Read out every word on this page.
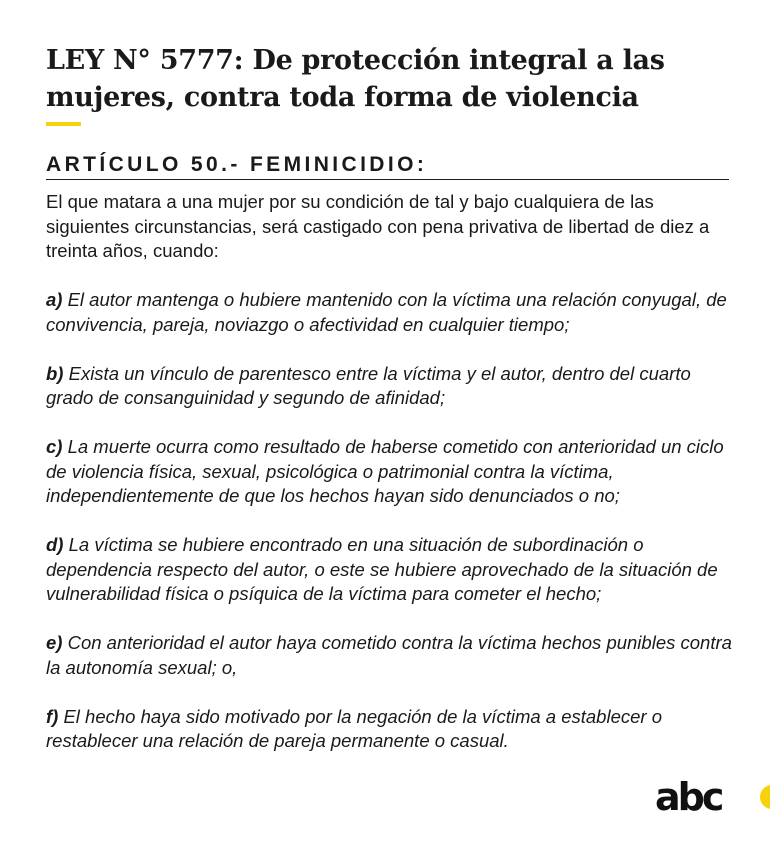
LEY N° 5777: De protección integral a las mujeres, contra toda forma de violencia
ARTÍCULO 50.- FEMINICIDIO:

El que matara a una mujer por su condición de tal y bajo cualquiera de las siguientes circunstancias, será castigado con pena privativa de libertad de diez a treinta años, cuando:

a) El autor mantenga o hubiere mantenido con la víctima una relación conyugal, de convivencia, pareja, noviazgo o afectividad en cualquier tiempo;

b) Exista un vínculo de parentesco entre la víctima y el autor, dentro del cuarto grado de consanguinidad y segundo de afinidad;

c) La muerte ocurra como resultado de haberse cometido con anterioridad un ciclo de violencia física, sexual, psicológica o patrimonial contra la víctima, independientemente de que los hechos hayan sido denunciados o no;

d) La víctima se hubiere encontrado en una situación de subordinación o dependencia respecto del autor, o este se hubiere aprovechado de la situación de vulnerabilidad física o psíquica de la víctima para cometer el hecho;

e) Con anterioridad el autor haya cometido contra la víctima hechos punibles contra la autonomía sexual; o,

f) El hecho haya sido motivado por la negación de la víctima a establecer o restablecer una relación de pareja permanente o casual.

abc
